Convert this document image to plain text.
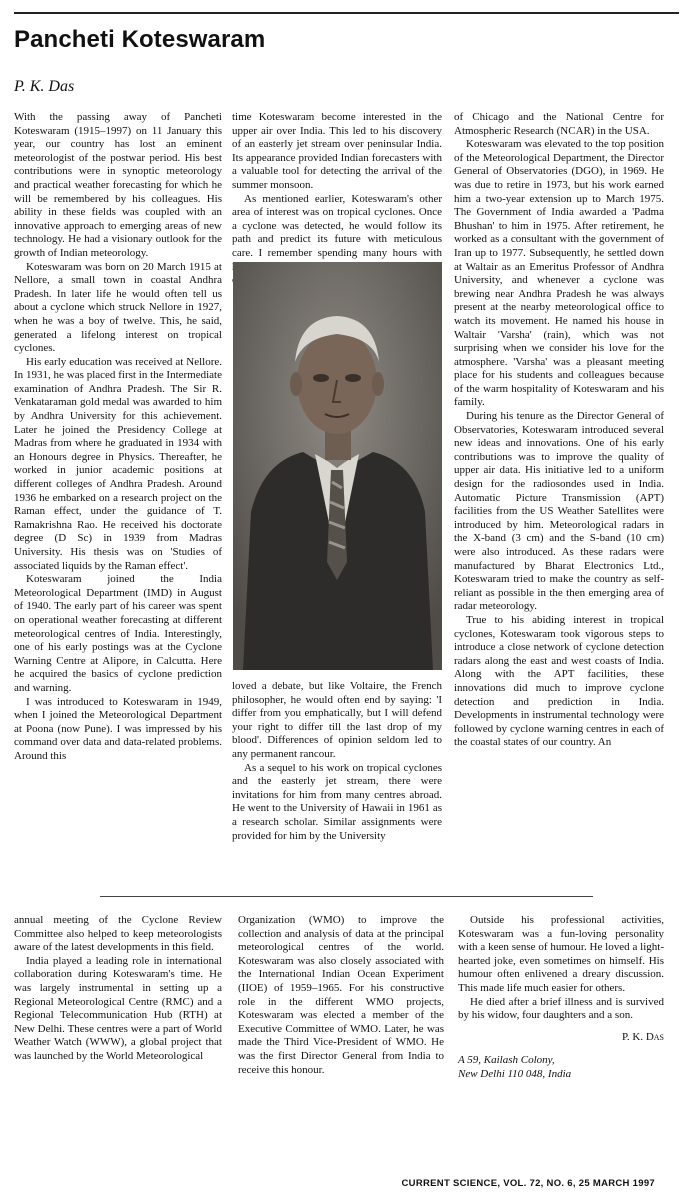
Pancheti Koteswaram

P. K. Das

With the passing away of Pancheti Koteswaram (1915–1997) on 11 January this year, our country has lost an eminent meteorologist of the postwar period. His best contributions were in synoptic meteorology and practical weather forecasting for which he will be remembered by his colleagues. His ability in these fields was coupled with an innovative approach to emerging areas of new technology. He had a visionary outlook for the growth of Indian meteorology.

Koteswaram was born on 20 March 1915 at Nellore, a small town in coastal Andhra Pradesh. In later life he would often tell us about a cyclone which struck Nellore in 1927, when he was a boy of twelve. This, he said, generated a lifelong interest on tropical cyclones.

His early education was received at Nellore. In 1931, he was placed first in the Intermediate examination of Andhra Pradesh. The Sir R. Venkataraman gold medal was awarded to him by Andhra University for this achievement. Later he joined the Presidency College at Madras from where he graduated in 1934 with an Honours degree in Physics. Thereafter, he worked in junior academic positions at different colleges of Andhra Pradesh. Around 1936 he embarked on a research project on the Raman effect, under the guidance of T. Ramakrishna Rao. He received his doctorate degree (D Sc) in 1939 from Madras University. His thesis was on 'Studies of associated liquids by the Raman effect'.

Koteswaram joined the India Meteorological Department (IMD) in August of 1940. The early part of his career was spent on operational weather forecasting at different meteorological centres of India. Interestingly, one of his early postings was at the Cyclone Warning Centre at Alipore, in Calcutta. Here he acquired the basics of cyclone prediction and warning.

I was introduced to Koteswaram in 1949, when I joined the Meteorological Department at Poona (now Pune). I was impressed by his command over data and data-related problems. Around this

time Koteswaram become interested in the upper air over India. This led to his discovery of an easterly jet stream over peninsular India. Its appearance provided Indian forecasters with a valuable tool for detecting the arrival of the summer monsoon.

As mentioned earlier, Koteswaram's other area of interest was on tropical cyclones. Once a cyclone was detected, he would follow its path and predict its future with meticulous care. I remember spending many hours with

loved a debate, but like Voltaire, the French philosopher, he would often end by saying: 'I differ from you emphatically, but I will defend your right to differ till the last drop of my blood'. Differences of opinion seldom led to any permanent rancour.

As a sequel to his work on tropical cyclones and the easterly jet stream, there were invitations for him from many centres abroad. He went to the University of Hawaii in 1961 as a research scholar. Similar assignments were provided for him by the University

of Chicago and the National Centre for Atmospheric Research (NCAR) in the USA.

Koteswaram was elevated to the top position of the Meteorological Department, the Director General of Observatories (DGO), in 1969. He was due to retire in 1973, but his work earned him a two-year extension up to March 1975. The Government of India awarded a 'Padma Bhushan' to him in 1975. After retirement, he worked as a consultant with the government of Iran up to 1977. Subsequently, he settled down at Waltair as an Emeritus Professor of Andhra University, and whenever a cyclone was brewing near Andhra Pradesh he was always present at the nearby meteorological office to watch its movement. He named his house in Waltair 'Varsha' (rain), which was not surprising when we consider his love for the atmosphere. 'Varsha' was a pleasant meeting place for his students and colleagues because of the warm hospitality of Koteswaram and his family.

During his tenure as the Director General of Observatories, Koteswaram introduced several new ideas and innovations. One of his early contributions was to improve the quality of upper air data. His initiative led to a uniform design for the radiosondes used in India. Automatic Picture Transmission (APT) facilities from the US Weather Satellites were introduced by him. Meteorological radars in the X-band (3 cm) and the S-band (10 cm) were also introduced. As these radars were manufactured by Bharat Electronics Ltd., Koteswaram tried to make the country as self-reliant as possible in the then emerging area of radar meteorology.

True to his abiding interest in tropical cyclones, Koteswaram took vigorous steps to introduce a close network of cyclone detection radars along the east and west coasts of India. Along with the APT facilities, these innovations did much to improve cyclone detection and prediction in India. Developments in instrumental technology were followed by cyclone warning centres in each of the coastal states of our country. An

annual meeting of the Cyclone Review Committee also helped to keep meteorologists aware of the latest developments in this field.

India played a leading role in international collaboration during Koteswaram's time. He was largely instrumental in setting up a Regional Meteorological Centre (RMC) and a Regional Telecommunication Hub (RTH) at New Delhi. These centres were a part of World Weather Watch (WWW), a global project that was launched by the World Meteorological

Organization (WMO) to improve the collection and analysis of data at the principal meteorological centres of the world. Koteswaram was also closely associated with the International Indian Ocean Experiment (IIOE) of 1959–1965. For his constructive role in the different WMO projects, Koteswaram was elected a member of the Executive Committee of WMO. Later, he was made the Third Vice-President of WMO. He was the first Director General from India to receive this honour.

Outside his professional activities, Koteswaram was a fun-loving personality with a keen sense of humour. He loved a light-hearted joke, even sometimes on himself. His humour often enlivened a dreary discussion. This made life much easier for others.

He died after a brief illness and is survived by his widow, four daughters and a son.

P. K. Das

A 59, Kailash Colony,
New Delhi 110 048, India

CURRENT SCIENCE, VOL. 72, NO. 6, 25 MARCH 1997
